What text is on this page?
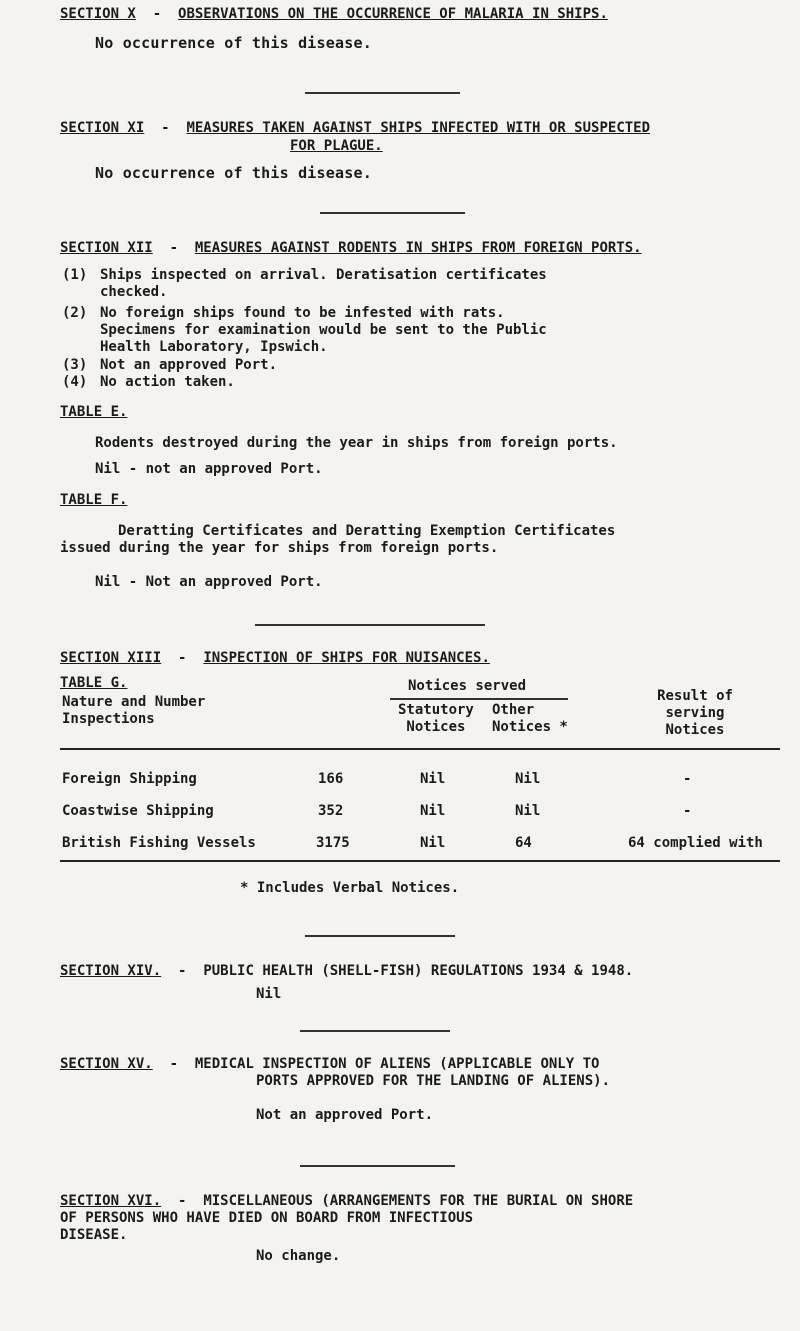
SECTION X - OBSERVATIONS ON THE OCCURRENCE OF MALARIA IN SHIPS.
No occurrence of this disease.
SECTION XI - MEASURES TAKEN AGAINST SHIPS INFECTED WITH OR SUSPECTED
FOR PLAGUE.
No occurrence of this disease.
SECTION XII - MEASURES AGAINST RODENTS IN SHIPS FROM FOREIGN PORTS.
(1) Ships inspected on arrival. Deratisation certificates
checked.
(2) No foreign ships found to be infested with rats.
Specimens for examination would be sent to the Public
Health Laboratory, Ipswich.
(3) Not an approved Port.
(4) No action taken.
TABLE E.
Rodents destroyed during the year in ships from foreign ports.
Nil - not an approved Port.
TABLE F.
Deratting Certificates and Deratting Exemption Certificates
issued during the year for ships from foreign ports.
Nil - Not an approved Port.
SECTION XIII - INSPECTION OF SHIPS FOR NUISANCES.
TABLE G.
Nature and Number
Inspections
Notices served
Statutory
Notices
Other
Notices *
Result of
serving
Notices
Foreign Shipping	166	Nil	Nil	-
Coastwise Shipping	352	Nil	Nil	-
British Fishing Vessels	3175	Nil	64	64 complied with
* Includes Verbal Notices.
SECTION XIV. - PUBLIC HEALTH (SHELL-FISH) REGULATIONS 1934 & 1948.
Nil
SECTION XV. - MEDICAL INSPECTION OF ALIENS (APPLICABLE ONLY TO
PORTS APPROVED FOR THE LANDING OF ALIENS).
Not an approved Port.
SECTION XVI. - MISCELLANEOUS (ARRANGEMENTS FOR THE BURIAL ON SHORE
OF PERSONS WHO HAVE DIED ON BOARD FROM INFECTIOUS
DISEASE.
No change.
